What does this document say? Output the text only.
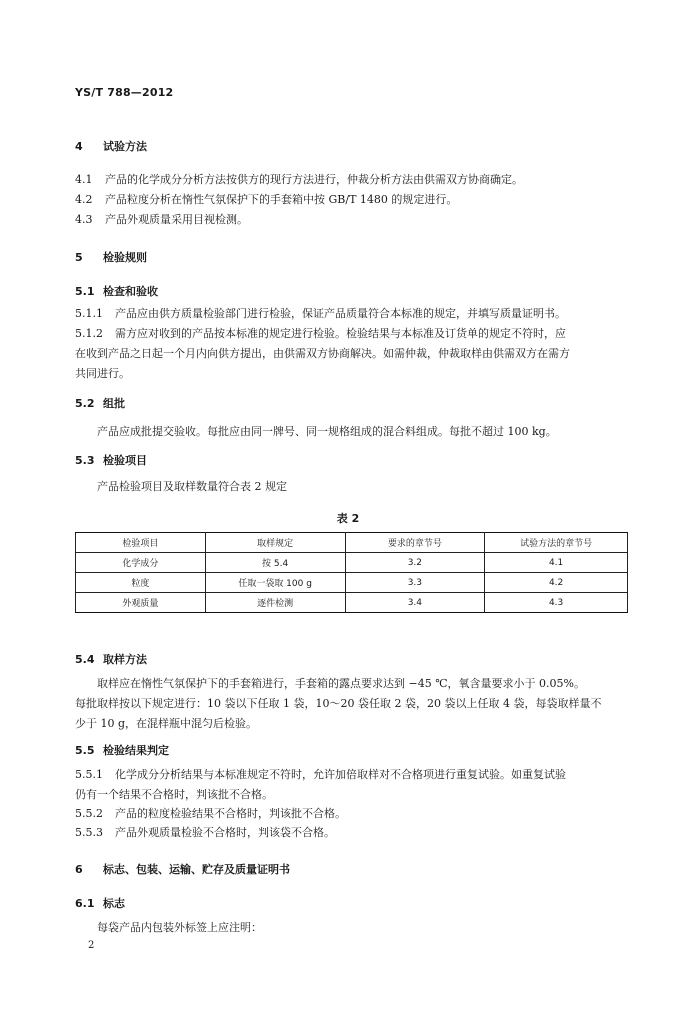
YS/T 788—2012
4 试验方法
4.1 产品的化学成分分析方法按供方的现行方法进行，仲裁分析方法由供需双方协商确定。
4.2 产品粒度分析在惰性气氛保护下的手套箱中按 GB/T 1480 的规定进行。
4.3 产品外观质量采用目视检测。
5 检验规则
5.1 检查和验收
5.1.1 产品应由供方质量检验部门进行检验，保证产品质量符合本标准的规定，并填写质量证明书。
5.1.2 需方应对收到的产品按本标准的规定进行检验。检验结果与本标准及订货单的规定不符时，应
在收到产品之日起一个月内向供方提出，由供需双方协商解决。如需仲裁，仲裁取样由供需双方在需方
共同进行。
5.2 组批
产品应成批提交验收。每批应由同一牌号、同一规格组成的混合料组成。每批不超过 100 kg。
5.3 检验项目
产品检验项目及取样数量符合表 2 规定
表 2
检验项目	取样规定	要求的章节号	试验方法的章节号
化学成分	按 5.4	3.2	4.1
粒度	任取一袋取 100 g	3.3	4.2
外观质量	逐件检测	3.4	4.3
5.4 取样方法
取样应在惰性气氛保护下的手套箱进行，手套箱的露点要求达到 −45 ℃，氧含量要求小于 0.05%。
每批取样按以下规定进行：10 袋以下任取 1 袋，10～20 袋任取 2 袋，20 袋以上任取 4 袋，每袋取样量不
少于 10 g，在混样瓶中混匀后检验。
5.5 检验结果判定
5.5.1 化学成分分析结果与本标准规定不符时，允许加倍取样对不合格项进行重复试验。如重复试验
仍有一个结果不合格时，判该批不合格。
5.5.2 产品的粒度检验结果不合格时，判该批不合格。
5.5.3 产品外观质量检验不合格时，判该袋不合格。
6 标志、包装、运输、贮存及质量证明书
6.1 标志
每袋产品内包装外标签上应注明：
2
